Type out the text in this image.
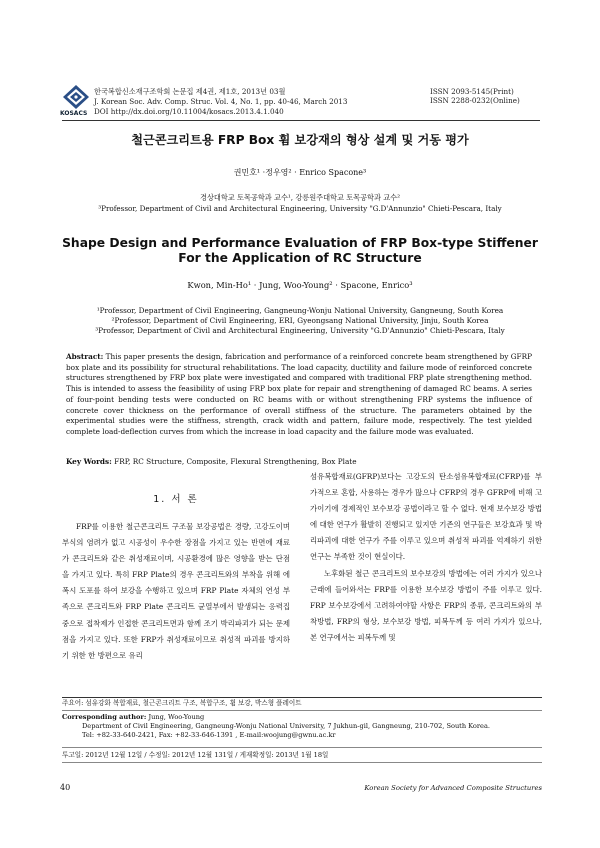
KOSACS
한국복합신소재구조학회 논문집 제4권, 제1호, 2013년 03월
J. Korean Soc. Adv. Comp. Struc. Vol. 4, No. 1, pp. 40-46, March 2013
DOI http://dx.doi.org/10.11004/kosacs.2013.4.1.040
ISSN 2093-5145(Print)
ISSN 2288-0232(Online)
철근콘크리트용 FRP Box 휨 보강재의 형상 설계 및 거동 평가
권민호¹ ·정우영² · Enrico Spacone³
경상대학교 토목공학과 교수¹, 강릉원주대학교 토목공학과 교수²
³Professor, Department of Civil and Architectural Engineering, University "G.D'Annunzio" Chieti-Pescara, Italy
Shape Design and Performance Evaluation of FRP Box-type Stiffener
For the Application of RC Structure
Kwon, Min-Ho¹ · Jung, Woo-Young² · Spacone, Enrico³
¹Professor, Department of Civil Engineering, Gangneung-Wonju National University, Gangneung, South Korea
²Professor, Department of Civil Engineering, ERI, Gyeongsang National University, Jinju, South Korea
³Professor, Department of Civil and Architectural Engineering, University "G.D'Annunzio" Chieti-Pescara, Italy
Abstract: This paper presents the design, fabrication and performance of a reinforced concrete beam strengthened by GFRP box plate and its possibility for structural rehabilitations. The load capacity, ductility and failure mode of reinforced concrete structures strengthened by FRP box plate were investigated and compared with traditional FRP plate strengthening method. This is intended to assess the feasibility of using FRP box plate for repair and strengthening of damaged RC beams. A series of four-point bending tests were conducted on RC beams with or without strengthening FRP systems the influence of concrete cover thickness on the performance of overall stiffness of the structure. The parameters obtained by the experimental studies were the stiffness, strength, crack width and pattern, failure mode, respectively. The test yielded complete load-deflection curves from which the increase in load capacity and the failure mode was evaluated.
Key Words: FRP, RC Structure, Composite, Flexural Strengthening, Box Plate
1. 서 론

FRP를 이용한 철근콘크리트 구조물 보강공법은 경량, 고강도이며 부식의 염려가 없고 시공성이 우수한 장점을 가지고 있는 반면에 재료가 콘크리트와 같은 취성재료이며, 시공환경에 많은 영향을 받는 단점을 가지고 있다. 특히 FRP Plate의 경우 콘크리트와의 부착을 위해 에폭시 도포를 하여 보강을 수행하고 있으며 FRP Plate 자체의 연성 부족으로 콘크리트와 FRP Plate 콘크리트 균열부에서 발생되는 응력집중으로 접착제가 인접한 콘크리트면과 함께 조기 박리파괴가 되는 문제점을 가지고 있다. 또한 FRP가 취성재료이므로 취성적 파괴를 방지하기 위한 한 방편으로 유리

섬유복합재료(GFRP)보다는 고강도의 탄소섬유복합재료(CFRP)를 부가적으로 혼합, 사용하는 경우가 많으나 CFRP의 경우 GFRP에 비해 고가이기에 경제적인 보수보강 공법이라고 할 수 없다. 현재 보수보강 방법에 대한 연구가 활발히 진행되고 있지만 기존의 연구들은 보강효과 및 박리파괴에 대한 연구가 주를 이루고 있으며 취성적 파괴를 억제하기 위한 연구는 부족한 것이 현실이다.

노후화된 철근 콘크리트의 보수보강의 방법에는 여러 가지가 있으나 근래에 들어와서는 FRP를 이용한 보수보강 방법이 주를 이루고 있다. FRP 보수보강에서 고려하여야할 사항은 FRP의 종류, 콘크리트와의 부착방법, FRP의 형상, 보수보강 방법, 피복두께 등 여러 가지가 있으나, 본 연구에서는 피복두께 및

주요어: 섬유강화 복합재료, 철근콘크리트 구조, 복합구조, 휨 보강, 박스형 플레이트
Corresponding author: Jung, Woo-Young
Department of Civil Engineering, Gangneung-Wonju National University, 7 Jukhun-gil, Gangneung, 210-702, South Korea.
Tel: +82-33-640-2421, Fax: +82-33-646-1391 , E-mail:woojung@gwnu.ac.kr
투고일: 2012년 12월 12일 / 수정일: 2012년 12월 131일 / 게재확정일: 2013년 1월 18일
40	Korean Society for Advanced Composite Structures
